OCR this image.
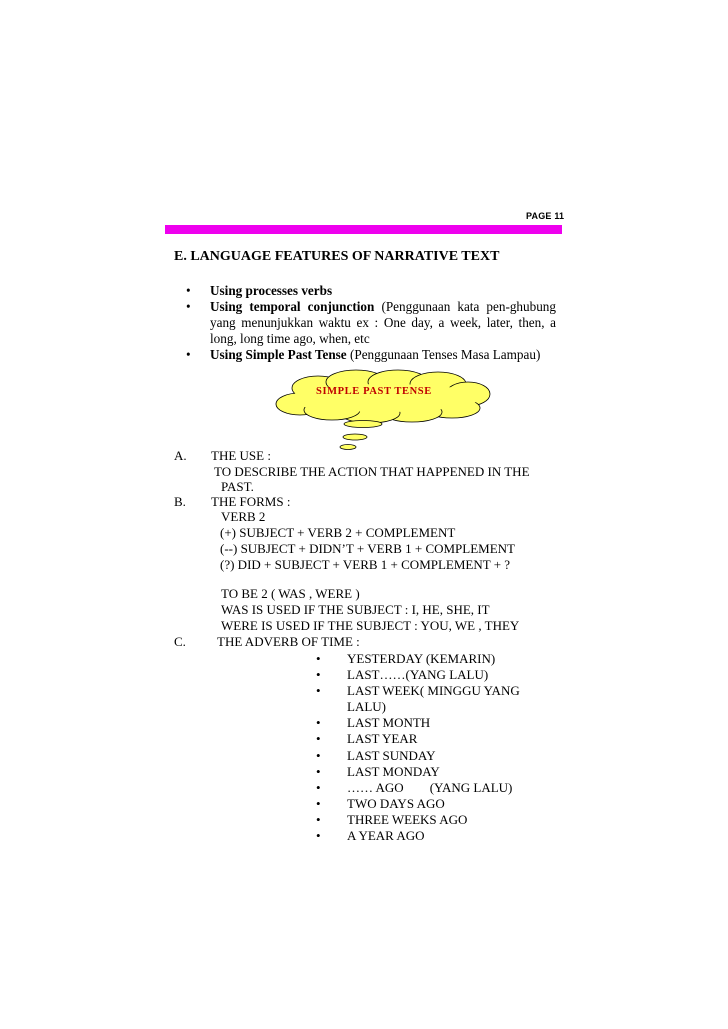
PAGE 11
E. LANGUAGE FEATURES OF NARRATIVE TEXT
• Using processes verbs
• Using temporal conjunction (Penggunaan kata pen-ghubung yang menunjukkan waktu ex : One day, a week, later, then, a long, long time ago, when, etc
• Using Simple Past Tense (Penggunaan Tenses Masa Lampau)
SIMPLE PAST TENSE
A. THE USE :
TO DESCRIBE THE ACTION THAT HAPPENED IN THE
PAST.
B. THE FORMS :
VERB 2
(+) SUBJECT + VERB 2 + COMPLEMENT
(--) SUBJECT + DIDN’T + VERB 1 + COMPLEMENT
(?) DID + SUBJECT + VERB 1 + COMPLEMENT + ?
TO BE 2 ( WAS , WERE )
WAS IS USED IF THE SUBJECT : I, HE, SHE, IT
WERE IS USED IF THE SUBJECT : YOU, WE , THEY
C. THE ADVERB OF TIME :
• YESTERDAY (KEMARIN)
• LAST……(YANG LALU)
• LAST WEEK( MINGGU YANG
LALU)
• LAST MONTH
• LAST YEAR
• LAST SUNDAY
• LAST MONDAY
• …… AGO        (YANG LALU)
• TWO DAYS AGO
• THREE WEEKS AGO
• A YEAR AGO
